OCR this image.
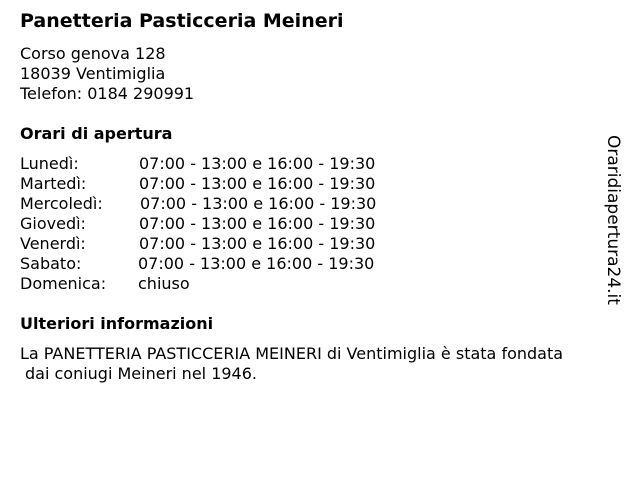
Panetteria Pasticceria Meineri
Corso genova 128
18039 Ventimiglia
Telefon: 0184 290991
Orari di apertura
Lunedì:	07:00 - 13:00 e 16:00 - 19:30
Martedì:	07:00 - 13:00 e 16:00 - 19:30
Mercoledì: 07:00 - 13:00 e 16:00 - 19:30
Giovedì:	07:00 - 13:00 e 16:00 - 19:30
Venerdì:	07:00 - 13:00 e 16:00 - 19:30
Sabato:	07:00 - 13:00 e 16:00 - 19:30
Domenica: chiuso
Ulteriori informazioni
La PANETTERIA PASTICCERIA MEINERI di Ventimiglia è stata fondata
dai coniugi Meineri nel 1946.
Oraridiapertura24.it
